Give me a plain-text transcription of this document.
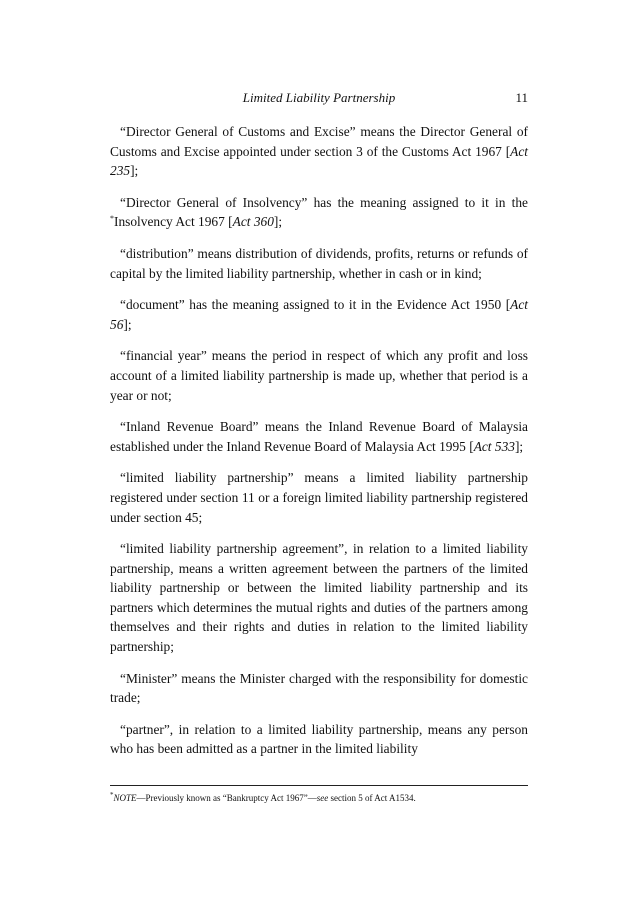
Limited Liability Partnership	11

“Director General of Customs and Excise” means the Director General of Customs and Excise appointed under section 3 of the Customs Act 1967 [Act 235];

“Director General of Insolvency” has the meaning assigned to it in the *Insolvency Act 1967 [Act 360];

“distribution” means distribution of dividends, profits, returns or refunds of capital by the limited liability partnership, whether in cash or in kind;

“document” has the meaning assigned to it in the Evidence Act 1950 [Act 56];

“financial year” means the period in respect of which any profit and loss account of a limited liability partnership is made up, whether that period is a year or not;

“Inland Revenue Board” means the Inland Revenue Board of Malaysia established under the Inland Revenue Board of Malaysia Act 1995 [Act 533];

“limited liability partnership” means a limited liability partnership registered under section 11 or a foreign limited liability partnership registered under section 45;

“limited liability partnership agreement”, in relation to a limited liability partnership, means a written agreement between the partners of the limited liability partnership or between the limited liability partnership and its partners which determines the mutual rights and duties of the partners among themselves and their rights and duties in relation to the limited liability partnership;

“Minister” means the Minister charged with the responsibility for domestic trade;

“partner”, in relation to a limited liability partnership, means any person who has been admitted as a partner in the limited liability

*NOTE—Previously known as “Bankruptcy Act 1967”—see section 5 of Act A1534.
